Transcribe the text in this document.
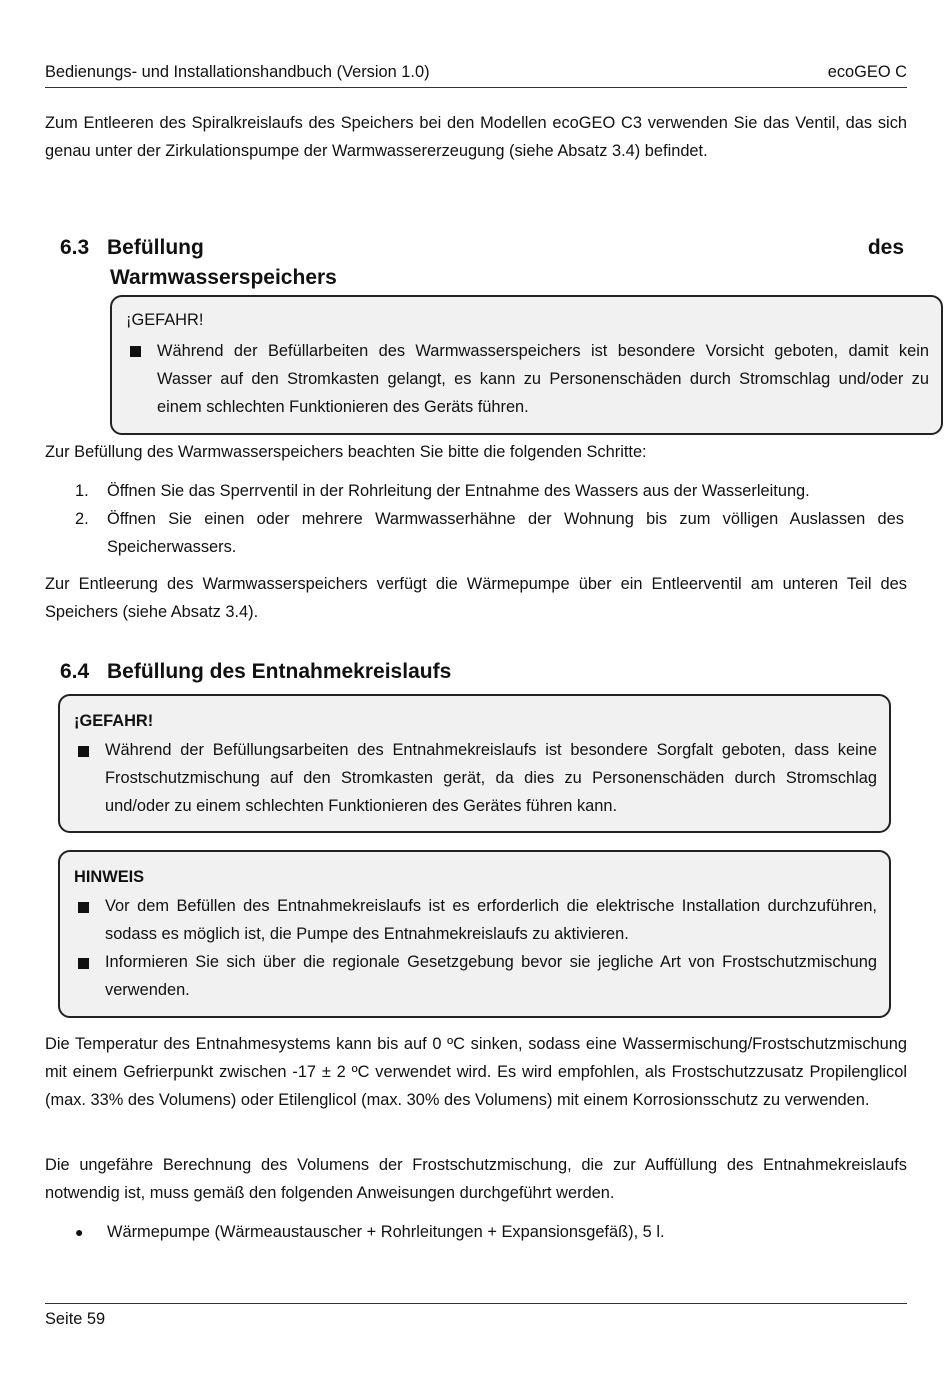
Bedienungs- und Installationshandbuch (Version 1.0)	ecoGEO C
Zum Entleeren des Spiralkreislaufs des Speichers bei den Modellen ecoGEO C3 verwenden Sie das Ventil, das sich genau unter der Zirkulationspumpe der Warmwassererzeugung (siehe Absatz 3.4) befindet.
6.3 Befüllung	des
Warmwasserspeichers
¡GEFAHR!
Während der Befüllarbeiten des Warmwasserspeichers ist besondere Vorsicht geboten, damit kein Wasser auf den Stromkasten gelangt, es kann zu Personenschäden durch Stromschlag und/oder zu einem schlechten Funktionieren des Geräts führen.
Zur Befüllung des Warmwasserspeichers beachten Sie bitte die folgenden Schritte:
1. Öffnen Sie das Sperrventil in der Rohrleitung der Entnahme des Wassers aus der Wasserleitung.
2. Öffnen Sie einen oder mehrere Warmwasserhähne der Wohnung bis zum völligen Auslassen des Speicherwassers.
Zur Entleerung des Warmwasserspeichers verfügt die Wärmepumpe über ein Entleerventil am unteren Teil des Speichers (siehe Absatz 3.4).
6.4 Befüllung des Entnahmekreislaufs
¡GEFAHR!
Während der Befüllungsarbeiten des Entnahmekreislaufs ist besondere Sorgfalt geboten, dass keine Frostschutzmischung auf den Stromkasten gerät, da dies zu Personenschäden durch Stromschlag und/oder zu einem schlechten Funktionieren des Gerätes führen kann.
HINWEIS
Vor dem Befüllen des Entnahmekreislaufs ist es erforderlich die elektrische Installation durchzuführen, sodass es möglich ist, die Pumpe des Entnahmekreislaufs zu aktivieren.
Informieren Sie sich über die regionale Gesetzgebung bevor sie jegliche Art von Frostschutzmischung verwenden.
Die Temperatur des Entnahmesystems kann bis auf 0 ºC sinken, sodass eine Wassermischung/Frostschutzmischung mit einem Gefrierpunkt zwischen -17 ± 2 ºC verwendet wird. Es wird empfohlen, als Frostschutzzusatz Propilenglicol (max. 33% des Volumens) oder Etilenglicol (max. 30% des Volumens) mit einem Korrosionsschutz zu verwenden.
Die ungefähre Berechnung des Volumens der Frostschutzmischung, die zur Auffüllung des Entnahmekreislaufs notwendig ist, muss gemäß den folgenden Anweisungen durchgeführt werden.
● Wärmepumpe (Wärmeaustauscher + Rohrleitungen + Expansionsgefäß), 5 l.
Seite 59
